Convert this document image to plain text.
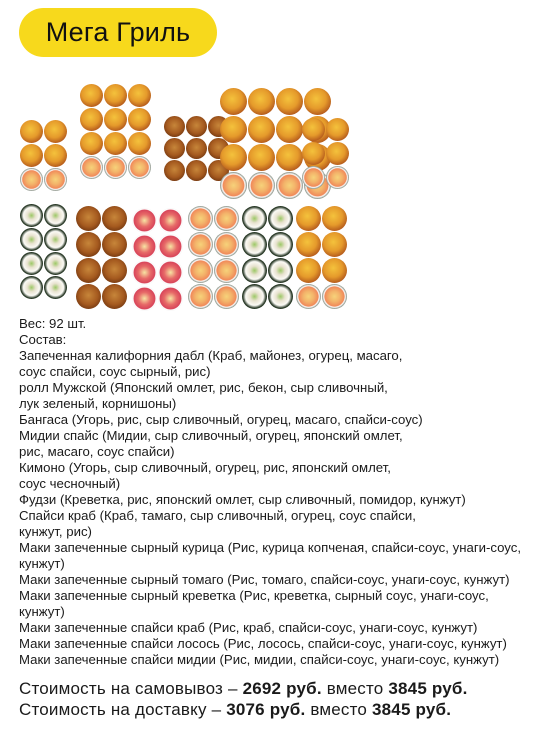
Мега Гриль

Вес: 92 шт.

Состав:

Запеченная калифорния дабл (Краб, майонез, огурец, масаго,

соус спайси, соус сырный, рис)

ролл Мужской (Японский омлет, рис, бекон, сыр сливочный,

лук зеленый, корнишоны)

Бангаса (Угорь, рис, сыр сливочный, огурец, масаго, спайси-соус)

Мидии спайс (Мидии, сыр сливочный, огурец, японский омлет,

рис, масаго, соус спайси)

Кимоно (Угорь, сыр сливочный, огурец, рис, японский омлет,

соус чесночный)

Фудзи (Креветка, рис, японский омлет, сыр сливочный, помидор, кунжут)

Спайси краб (Краб, тамаго, сыр сливочный, огурец, соус спайси,

кунжут, рис)

Маки запеченные сырный курица (Рис, курица копченая, спайси-соус, унаги-соус,

кунжут)

Маки запеченные сырный томаго (Рис, томаго, спайси-соус, унаги-соус, кунжут)

Маки запеченные сырный креветка (Рис, креветка, сырный соус, унаги-соус,

кунжут)

Маки запеченные спайси краб (Рис, краб, спайси-соус, унаги-соус, кунжут)

Маки запеченные спайси лосось (Рис, лосось, спайси-соус, унаги-соус, кунжут)

Маки запеченные спайси мидии (Рис, мидии, спайси-соус, унаги-соус, кунжут)

Стоимость на самовывоз – 2692 руб. вместо 3845 руб.
Стоимость на доставку – 3076 руб. вместо 3845 руб.
